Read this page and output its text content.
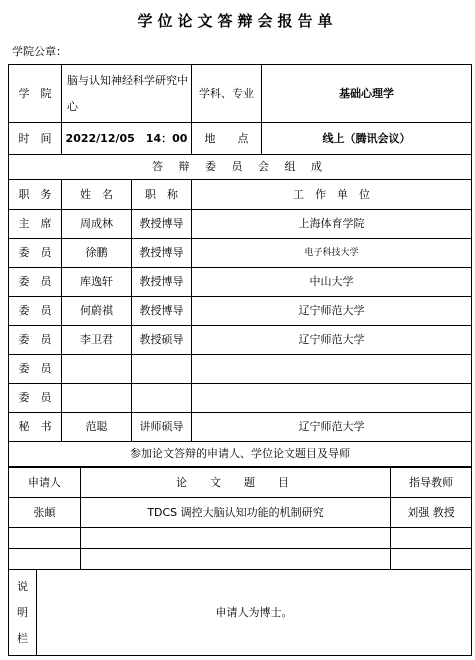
学位论文答辩会报告单
学院公章：
学　院	脑与认知神经科学研究中心		学科、专业	基础心理学
时　间	2022/12/05　14：00		地　　点	线上（腾讯会议）
答 辩 委 员 会 组 成				
职　务	姓　名	职　称	工　作　单　位	
主　席	周成林	教授博导	上海体育学院	
委　员	徐鹏	教授博导	电子科技大学	
委　员	库逸轩	教授博导	中山大学	
委　员	何蔚祺	教授博导	辽宁师范大学	
委　员	李卫君	教授硕导	辽宁师范大学	
委　员				
委　员				
秘　书	范聪	讲师硕导	辽宁师范大学	
参加论文答辩的申请人、学位论文题目及导师				
申请人		论　文　题　目	指导教师
张頔		TDCS 调控大脑认知功能的机制研究	刘强 教授

说
明
栏	申请人为博士。		
